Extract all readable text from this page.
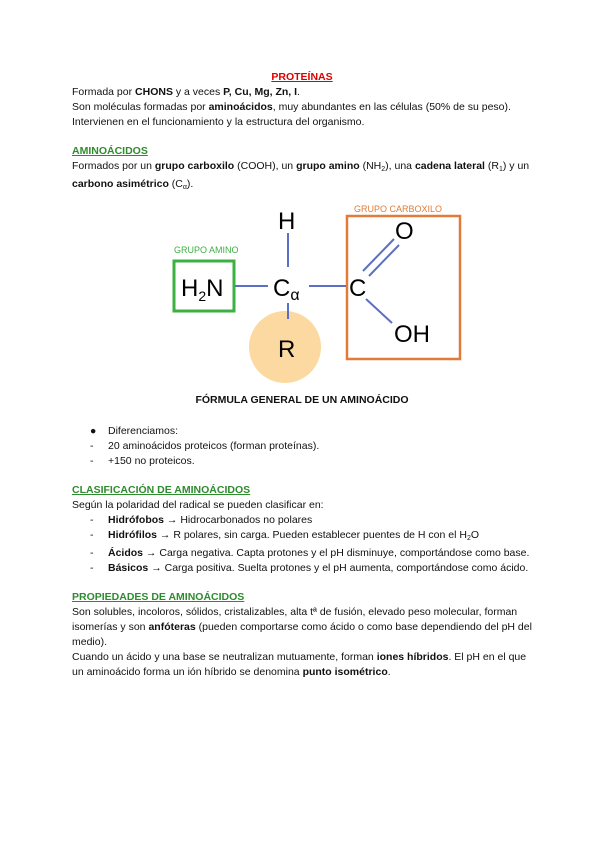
PROTEÍNAS

Formada por CHONS y a veces P, Cu, Mg, Zn, I.

Son moléculas formadas por aminoácidos, muy abundantes en las células (50% de su peso). Intervienen en el funcionamiento y la estructura del organismo.

AMINOÁCIDOS

Formados por un grupo carboxilo (COOH), un grupo amino $(NH_2)$, una cadena lateral $(R_1)$ y un carbono asimétrico $(C_\alpha)$.

GRUPO AMINO
GRUPO CARBOXILO
H
$H_2N$ Cα C
O
OH
R
FÓRMULA GENERAL DE UN AMINOÁCIDO
● Diferenciamos:
- 20 aminoácidos proteicos (forman proteínas).
- +150 no proteicos.
CLASIFICACIÓN DE AMINOÁCIDOS

Según la polaridad del radical se pueden clasificar en:

- Hidrófobos → Hidrocarbonados no polares
- Hidrófilos → R polares, sin carga. Pueden establecer puentes de H con el $H_2O$
- Ácidos → Carga negativa. Capta protones y el pH disminuye, comportándose como base.
- Básicos → Carga positiva. Suelta protones y el pH aumenta, comportándose como ácido.
PROPIEDADES DE AMINOÁCIDOS

Son solubles, incoloros, sólidos, cristalizables, alta tª de fusión, elevado peso molecular, forman isomerías y son anfóteras (pueden comportarse como ácido o como base dependiendo del pH del medio).

Cuando un ácido y una base se neutralizan mutuamente, forman iones híbridos. El pH en el que un aminoácido forma un ión híbrido se denomina punto isométrico.
